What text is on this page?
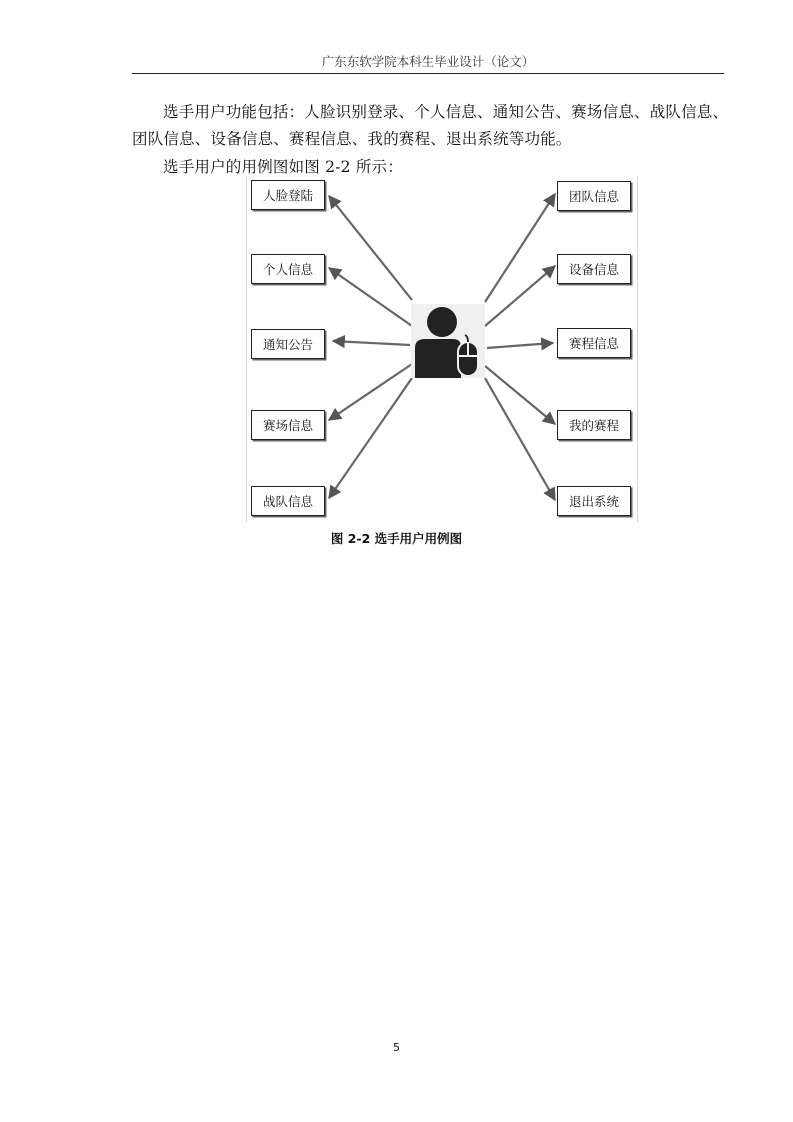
广东东软学院本科生毕业设计（论文）
选手用户功能包括：人脸识别登录、个人信息、通知公告、赛场信息、战队信息、
团队信息、设备信息、赛程信息、我的赛程、退出系统等功能。
选手用户的用例图如图 2-2 所示：
人脸登陆
个人信息
通知公告
赛场信息
战队信息
团队信息
设备信息
赛程信息
我的赛程
退出系统
图 2-2 选手用户用例图
5
